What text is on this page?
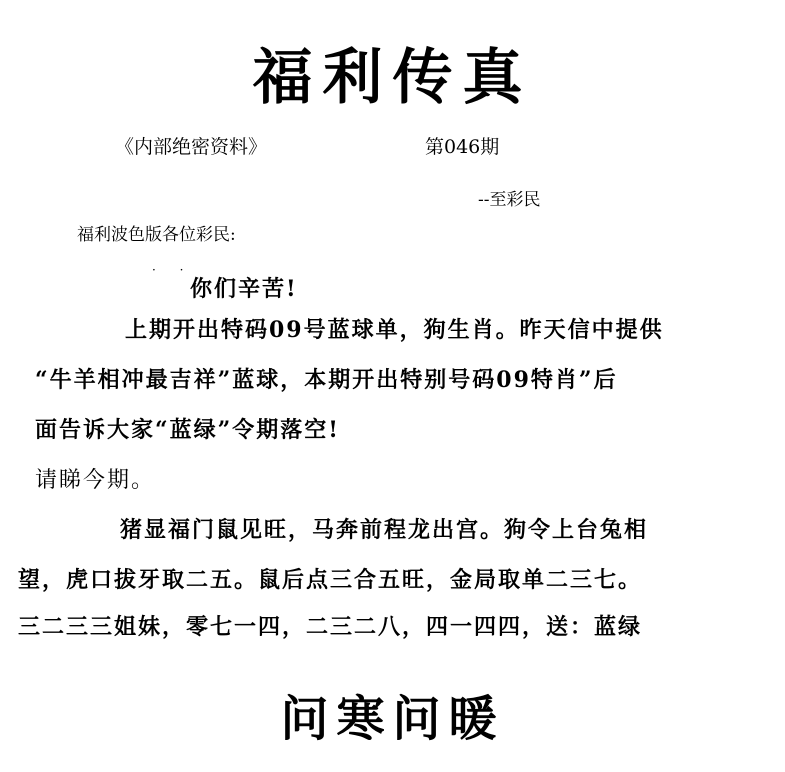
福利传真
《内部绝密资料》	第046期
--至彩民
福利波色版各位彩民:
· ·
你们辛苦!
上期开出特码09号蓝球单，狗生肖。昨天信中提供
“牛羊相冲最吉祥”蓝球，本期开出特别号码09特肖”后
面告诉大家“蓝绿”令期落空!
请睇今期。
猪显福门鼠见旺，马奔前程龙出宫。狗令上台兔相
望，虎口拔牙取二五。鼠后点三合五旺，金局取单二三七。
三二三三姐妹，零七一四，二三二八，四一四四，送：蓝绿
问寒问暖
